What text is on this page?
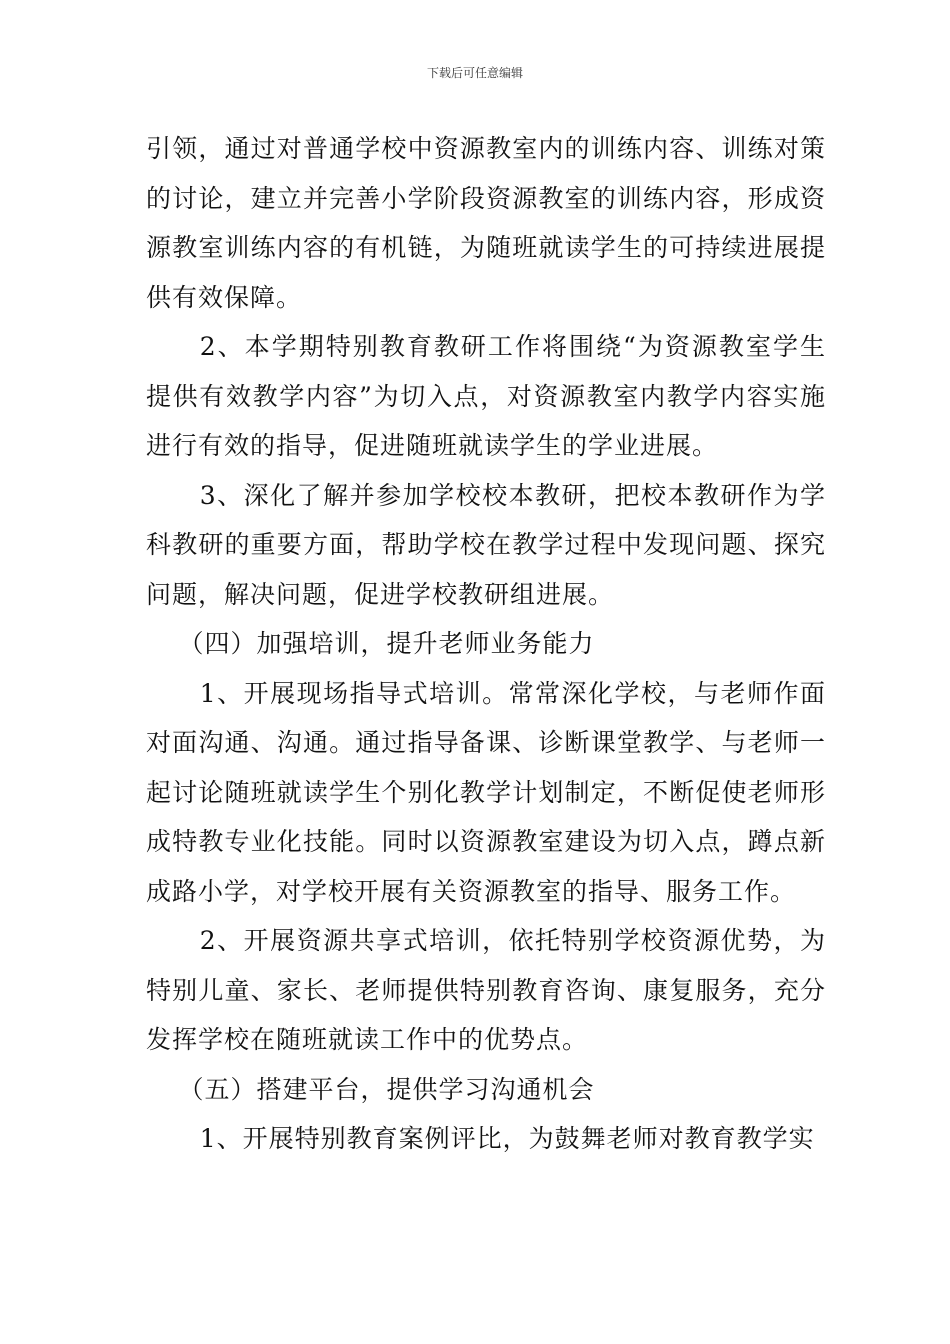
下载后可任意编辑

引领，通过对普通学校中资源教室内的训练内容、训练对策的讨论，建立并完善小学阶段资源教室的训练内容，形成资源教室训练内容的有机链，为随班就读学生的可持续进展提供有效保障。

2、本学期特别教育教研工作将围绕“为资源教室学生提供有效教学内容”为切入点，对资源教室内教学内容实施进行有效的指导，促进随班就读学生的学业进展。

3、深化了解并参加学校校本教研，把校本教研作为学科教研的重要方面，帮助学校在教学过程中发现问题、探究问题，解决问题，促进学校教研组进展。

（四）加强培训，提升老师业务能力

1、开展现场指导式培训。常常深化学校，与老师作面对面沟通、沟通。通过指导备课、诊断课堂教学、与老师一起讨论随班就读学生个别化教学计划制定，不断促使老师形成特教专业化技能。同时以资源教室建设为切入点，蹲点新成路小学，对学校开展有关资源教室的指导、服务工作。

2、开展资源共享式培训，依托特别学校资源优势，为特别儿童、家长、老师提供特别教育咨询、康复服务，充分发挥学校在随班就读工作中的优势点。

（五）搭建平台，提供学习沟通机会

1、开展特别教育案例评比，为鼓舞老师对教育教学实
